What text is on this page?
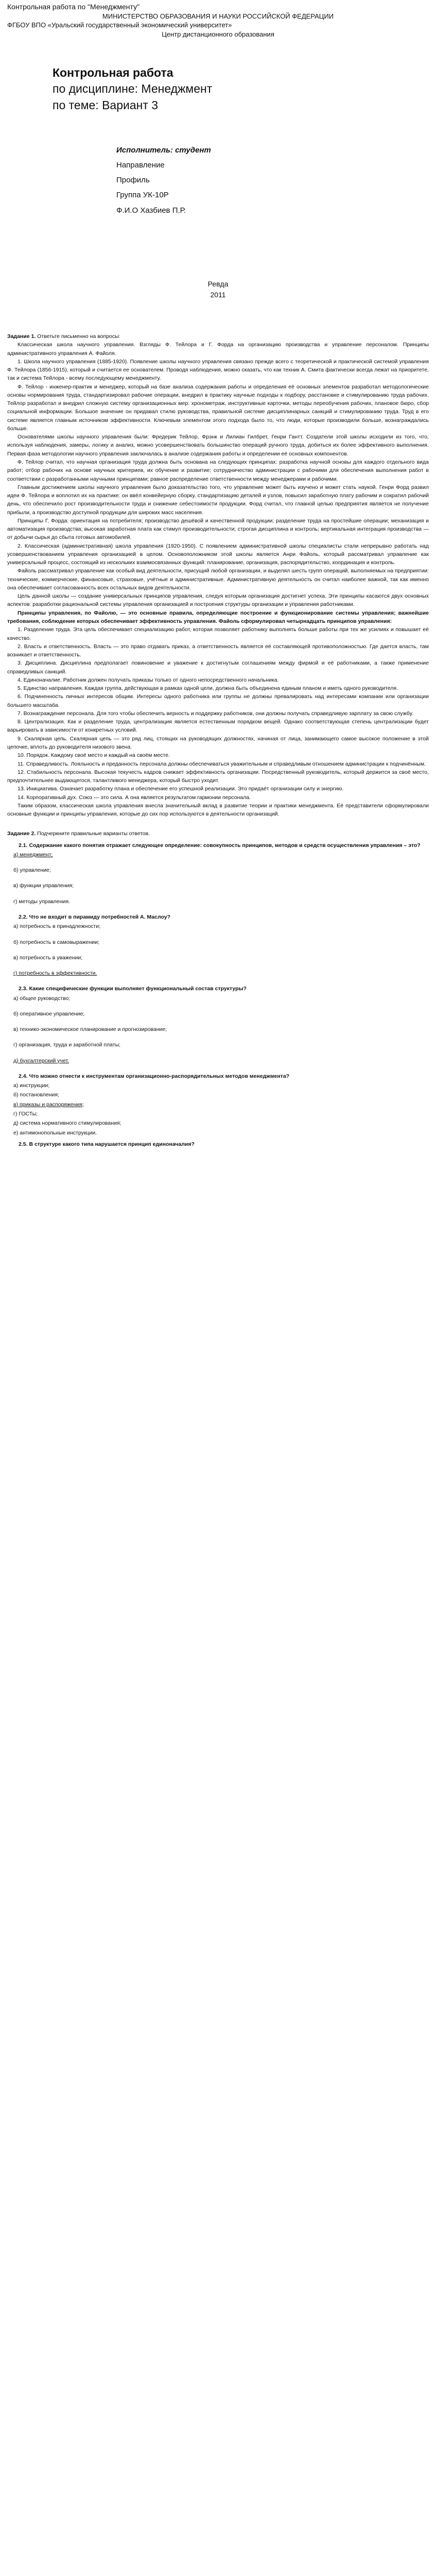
Контрольная работа по "Менеджменту"
МИНИСТЕРСТВО ОБРАЗОВАНИЯ И НАУКИ РОССИЙСКОЙ ФЕДЕРАЦИИ
ФГБОУ ВПО «Уральский государственный экономический университет»
Центр дистанционного образования
Контрольная работа
по дисциплине: Менеджмент
по теме: Вариант 3
Исполнитель: студент
Направление
Профиль
Группа УК-10Р
Ф.И.О Хазбиев П.Р.
Ревда
2011

Задание 1. Ответьте письменно на вопросы:

Классическая школа научного управления. Взгляды Ф. Тейлора и Г. Форда на организацию производства и управление персоналом. Принципы административного управления А. Файоля.

1. Школа научного управления (1885-1920). Появление школы научного управления связано прежде всего с теоретической и практической системой управления Ф. Тейлора (1856-1915), который и считается ее основателем. Проводя наблюдения, можно сказать, что как техник А. Смита фактически всегда лежат на приоритете, так и система Тейлора - всему последующему менеджменту.

Ф. Тейлор - инженер-практик и менеджер, который на базе анализа содержания работы и определения её основных элементов разработал методологические основы нормирования труда, стандартизировал рабочие операции, внедрил в практику научные подходы к подбору, расстановке и стимулированию труда рабочих. Тейлор разработал и внедрил сложную систему организационных мер: хронометраж, инструктивные карточки, методы переобучения рабочих, плановое бюро, сбор социальной информации. Большое значение он придавал стилю руководства, правильной системе дисциплинарных санкций и стимулированию труда. Труд в его системе является главным источником эффективности. Ключевым элементом этого подхода было то, что люди, которые производили больше, вознаграждались больше.

Основателями школы научного управления были: Фредерик Тейлор, Фрэнк и Лилиан Гилбрет, Генри Гантт. Создатели этой школы исходили из того, что, используя наблюдения, замеры, логику и анализ, можно усовершенствовать большинство операций ручного труда, добиться их более эффективного выполнения. Первая фаза методологии научного управления заключалась в анализе содержания работы и определении её основных компонентов.

Ф. Тейлор считал, что научная организация труда должна быть основана на следующих принципах: разработка научной основы для каждого отдельного вида работ; отбор рабочих на основе научных критериев, их обучение и развитие; сотрудничество администрации с рабочими для обеспечения выполнения работ в соответствии с разработанными научными принципами; равное распределение ответственности между менеджерами и рабочими.

Главным достижением школы научного управления было доказательство того, что управление может быть изучено и может стать наукой. Генри Форд развил идеи Ф. Тейлора и воплотил их на практике: он ввёл конвейерную сборку, стандартизацию деталей и узлов, повысил заработную плату рабочим и сократил рабочий день, что обеспечило рост производительности труда и снижение себестоимости продукции. Форд считал, что главной целью предприятия является не получение прибыли, а производство доступной продукции для широких масс населения.

Принципы Г. Форда: ориентация на потребителя; производство дешёвой и качественной продукции; разделение труда на простейшие операции; механизация и автоматизация производства; высокая заработная плата как стимул производительности; строгая дисциплина и контроль; вертикальная интеграция производства — от добычи сырья до сбыта готовых автомобилей.

2. Классическая (административная) школа управления (1920-1950). С появлением административной школы специалисты стали непрерывно работать над усовершенствованием управления организацией в целом. Основоположником этой школы является Анри Файоль, который рассматривал управление как универсальный процесс, состоящий из нескольких взаимосвязанных функций: планирование, организация, распорядительство, координация и контроль.

Файоль рассматривал управление как особый вид деятельности, присущий любой организации, и выделял шесть групп операций, выполняемых на предприятии: технические, коммерческие, финансовые, страховые, учётные и административные. Административную деятельность он считал наиболее важной, так как именно она обеспечивает согласованность всех остальных видов деятельности.

Цель данной школы — создание универсальных принципов управления, следуя которым организация достигнет успеха. Эти принципы касаются двух основных аспектов: разработки рациональной системы управления организацией и построения структуры организации и управления работниками.

Принципы управления, по Файолю, — это основные правила, определяющие построение и функционирование системы управления; важнейшие требования, соблюдение которых обеспечивает эффективность управления. Файоль сформулировал четырнадцать принципов управления:

1. Разделение труда. Эта цель обеспечивает специализацию работ, которая позволяет работнику выполнять больше работы при тех же усилиях и повышает её качество.

2. Власть и ответственность. Власть — это право отдавать приказ, а ответственность является её составляющей противоположностью. Где дается власть, там возникает и ответственность.

3. Дисциплина. Дисциплина предполагает повиновение и уважение к достигнутым соглашениям между фирмой и её работниками, а также применение справедливых санкций.

4. Единоначалие. Работник должен получать приказы только от одного непосредственного начальника.

5. Единство направления. Каждая группа, действующая в рамках одной цели, должна быть объединена единым планом и иметь одного руководителя.

6. Подчиненность личных интересов общим. Интересы одного работника или группы не должны превалировать над интересами компании или организации большего масштаба.

7. Вознаграждение персонала. Для того чтобы обеспечить верность и поддержку работников, они должны получать справедливую зарплату за свою службу.

8. Централизация. Как и разделение труда, централизация является естественным порядком вещей. Однако соответствующая степень централизации будет варьировать в зависимости от конкретных условий.

9. Скалярная цепь. Скалярная цепь — это ряд лиц, стоящих на руководящих должностях, начиная от лица, занимающего самое высокое положение в этой цепочке, вплоть до руководителя низового звена.

10. Порядок. Каждому своё место и каждый на своём месте.

11. Справедливость. Лояльность и преданность персонала должны обеспечиваться уважительным и справедливым отношением администрации к подчинённым.

12. Стабильность персонала. Высокая текучесть кадров снижает эффективность организации. Посредственный руководитель, который держится за своё место, предпочтительнее выдающегося, талантливого менеджера, который быстро уходит.

13. Инициатива. Означает разработку плана и обеспечение его успешной реализации. Это придаёт организации силу и энергию.

14. Корпоративный дух. Союз — это сила. А она является результатом гармонии персонала.

Таким образом, классическая школа управления внесла значительный вклад в развитие теории и практики менеджмента. Её представители сформулировали основные функции и принципы управления, которые до сих пор используются в деятельности организаций.

Задание 2. Подчеркните правильные варианты ответов.

2.1. Содержание какого понятия отражает следующее определение: совокупность принципов, методов и средств осуществления управления – это?
а) менеджмент;
б) управление;
в) функции управления;
г) методы управления.
2.2. Что не входит в пирамиду потребностей А. Маслоу?
а) потребность в принадлежности;
б) потребность в самовыражении;
в) потребность в уважении;
г) потребность в эффективности.
2.3. Какие специфические функции выполняет функциональный состав структуры?
а) общее руководство;
б) оперативное управление;
в) технико-экономическое планирование и прогнозирование;
г) организация, труда и заработной платы;
д) бухгалтерский учет.
2.4. Что можно отнести к инструментам организационно-распорядительных методов менеджмента?
а) инструкции;
б) постановления;
в) приказы и распоряжения;
г) ГОСТы;
д) система нормативного стимулирования;
е) антимонопольные инструкции.
2.5. В структуре какого типа нарушается принцип единоначалия?
